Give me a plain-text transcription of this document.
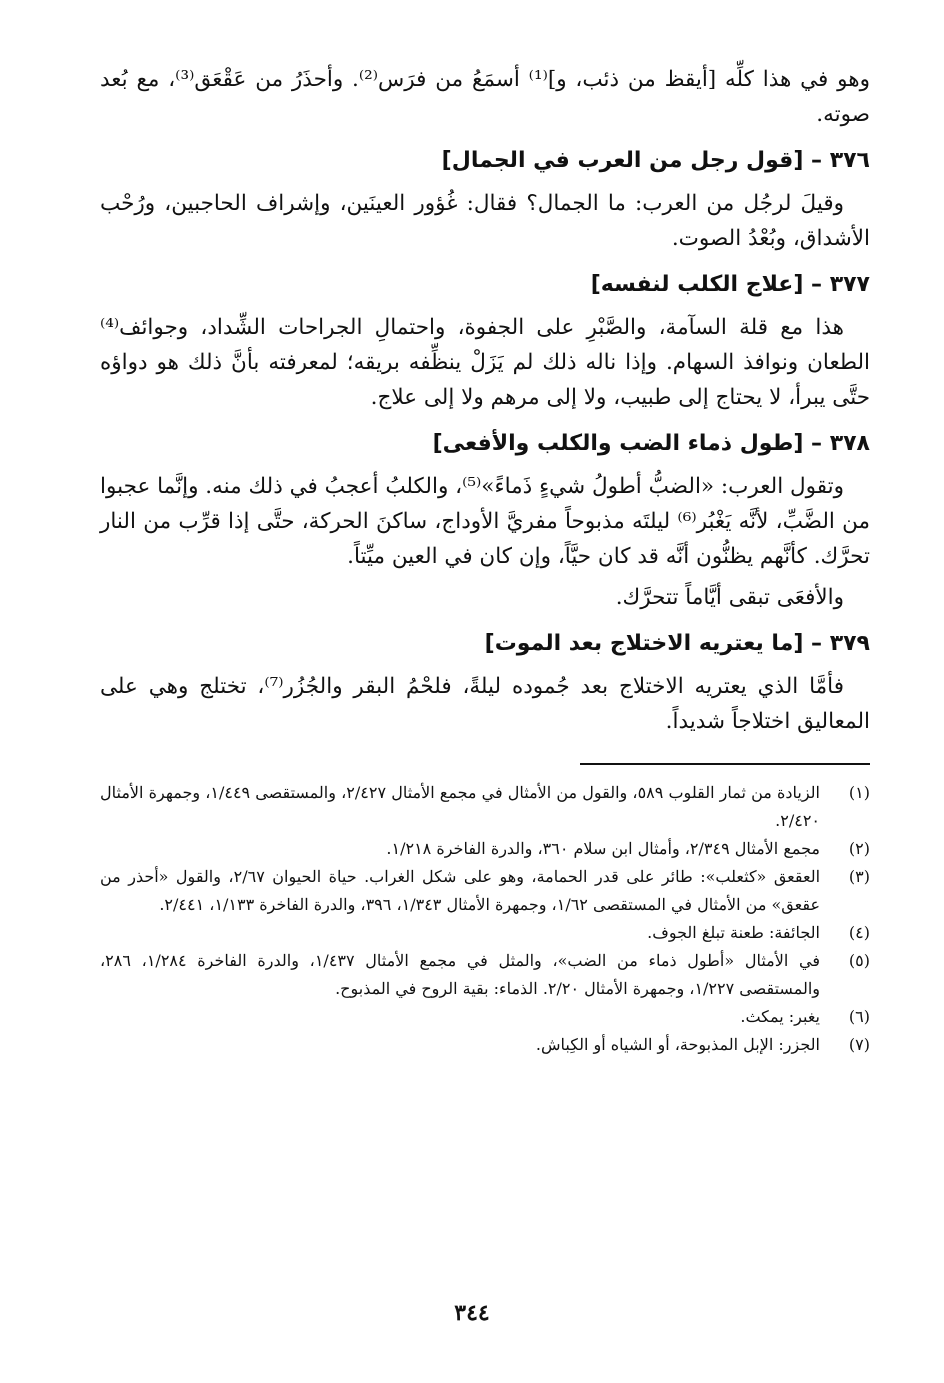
وهو في هذا كلِّه [أيقظ من ذئب، و]⁽¹⁾ أسمَعُ من فرَس⁽²⁾. وأحذَرُ من عَقْعَق⁽³⁾، مع بُعد صوته.

٣٧٦ – [قول رجل من العرب في الجمال]

وقيلَ لرجُل من العرب: ما الجمال؟ فقال: غُؤور العينَين، وإشراف الحاجبين، ورُحْب الأشداق، وبُعْدُ الصوت.

٣٧٧ – [علاج الكلب لنفسه]

هذا مع قلة السآمة، والصَّبْرِ على الجفوة، واحتمالِ الجراحات الشِّداد، وجوائف⁽⁴⁾ الطعان ونوافذ السهام. وإذا ناله ذلك لم يَزَلْ ينظِّفه بريقه؛ لمعرفته بأنَّ ذلك هو دواؤه حتَّى يبرأ، لا يحتاج إلى طبيب، ولا إلى مرهم ولا إلى علاج.

٣٧٨ – [طول ذماء الضب والكلب والأفعى]

وتقول العرب: «الضبُّ أطولُ شيءٍ ذَماءً»⁽⁵⁾، والكلبُ أعجبُ في ذلك منه. وإنَّما عجبوا من الضَّبِّ، لأنَّه يَغْبُر⁽⁶⁾ ليلتَه مذبوحاً مفريَّ الأوداج، ساكنَ الحركة، حتَّى إذا قرِّب من النار تحرَّك. كأنَّهم يظنُّون أنَّه قد كان حيَّاً، وإن كان في العين ميِّتاً.

والأفعَى تبقى أيَّاماً تتحرَّك.

٣٧٩ – [ما يعتريه الاختلاج بعد الموت]

فأمَّا الذي يعتريه الاختلاج بعد جُموده ليلةً، فلحْمُ البقر والجُزُر⁽⁷⁾، تختلج وهي على المعاليق اختلاجاً شديداً.

(١)
الزيادة من ثمار القلوب ٥٨٩، والقول من الأمثال في مجمع الأمثال ٢/٤٢٧، والمستقصى ١/٤٤٩، وجمهرة الأمثال ٢/٤٢٠.
(٢)
مجمع الأمثال ٢/٣٤٩، وأمثال ابن سلام ٣٦٠، والدرة الفاخرة ١/٢١٨.
(٣)
العقعق «كثعلب»: طائر على قدر الحمامة، وهو على شكل الغراب. حياة الحيوان ٢/٦٧، والقول «أحذر من عقعق» من الأمثال في المستقصى ١/٦٢، وجمهرة الأمثال ١/٣٤٣، ٣٩٦، والدرة الفاخرة ١/١٣٣، ٢/٤٤١.
(٤)
الجائفة: طعنة تبلغ الجوف.
(٥)
في الأمثال «أطول ذماء من الضب»، والمثل في مجمع الأمثال ١/٤٣٧، والدرة الفاخرة ١/٢٨٤، ٢٨٦، والمستقصى ١/٢٢٧، وجمهرة الأمثال ٢/٢٠. الذماء: بقية الروح في المذبوح.
(٦)
يغبر: يمكث.
(٧)
الجزر: الإبل المذبوحة، أو الشياه أو الكِباش.
٣٤٤
